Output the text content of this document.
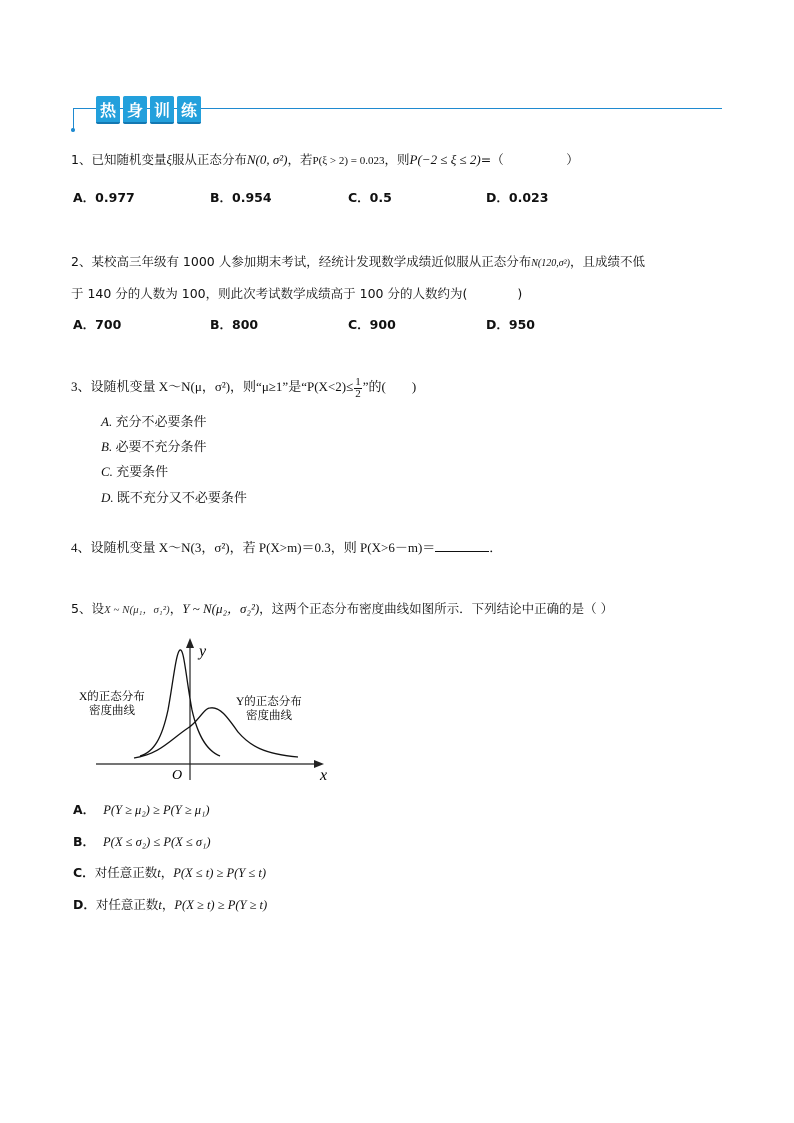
热 身 训 练
1、已知随机变量ξ服从正态分布N(0, σ²)，若P(ξ > 2) = 0.023，则P(−2 ≤ ξ ≤ 2)=（　　　　　）
A．0.977	B．0.954	C．0.5	D．0.023
2、某校高三年级有 1000 人参加期末考试，经统计发现数学成绩近似服从正态分布N(120,σ²)，且成绩不低
于 140 分的人数为 100，则此次考试数学成绩高于 100 分的人数约为(　　　　)
A．700	B．800	C．900	D．950
3、设随机变量 X～N(μ，σ²)，则“μ≥1”是“$P(X<2)\le \frac{1}{2}$ ”的(　　)
A. 充分不必要条件
B. 必要不充分条件
C. 充要条件
D. 既不充分又不必要条件
4、设随机变量 X～N(3，σ²)，若 P(X>m)＝0.3，则 P(X>6－m)＝	．
5、设X ~ N(μ₁，σ₁²)，Y ~ N(μ₂，σ₂²)，这两个正态分布密度曲线如图所示．下列结论中正确的是（ ）
y
x
O
X的正态分布
密度曲线
Y的正态分布
密度曲线
A． P(Y ≥ μ₂) ≥ P(Y ≥ μ₁)
B． P(X ≤ σ₂) ≤ P(X ≤ σ₁)
C．对任意正数t，P(X ≤ t) ≥ P(Y ≤ t)
D．对任意正数t，P(X ≥ t) ≥ P(Y ≥ t)
